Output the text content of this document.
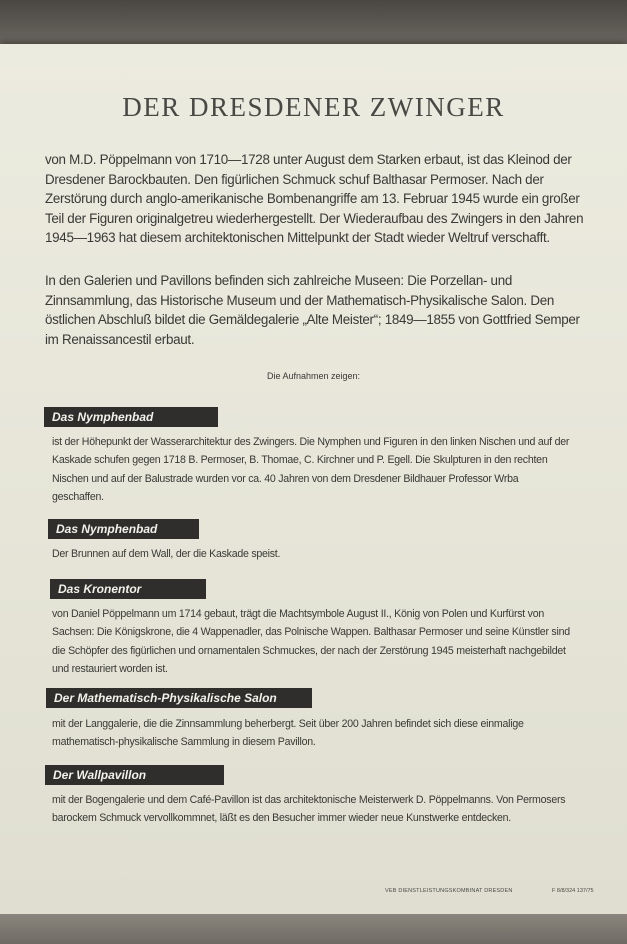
DER DRESDENER ZWINGER

von M.D. Pöppelmann von 1710—1728 unter August dem Starken erbaut, ist das Kleinod der Dresdener Barockbauten. Den figürlichen Schmuck schuf Balthasar Permoser. Nach der Zerstörung durch anglo-amerikanische Bombenangriffe am 13. Februar 1945 wurde ein großer Teil der Figuren originalgetreu wiederhergestellt. Der Wiederaufbau des Zwingers in den Jahren 1945—1963 hat diesem architektonischen Mittelpunkt der Stadt wieder Weltruf verschafft.

In den Galerien und Pavillons befinden sich zahlreiche Museen: Die Porzellan- und Zinnsammlung, das Historische Museum und der Mathematisch-Physikalische Salon. Den östlichen Abschluß bildet die Gemäldegalerie „Alte Meister“; 1849—1855 von Gottfried Semper im Renaissancestil erbaut.

Die Aufnahmen zeigen:

Das Nymphenbad

ist der Höhepunkt der Wasserarchitektur des Zwingers. Die Nymphen und Figuren in den linken Nischen und auf der Kaskade schufen gegen 1718 B. Permoser, B. Thomae, C. Kirchner und P. Egell. Die Skulpturen in den rechten Nischen und auf der Balustrade wurden vor ca. 40 Jahren von dem Dresdener Bildhauer Professor Wrba geschaffen.

Das Nymphenbad

Der Brunnen auf dem Wall, der die Kaskade speist.

Das Kronentor

von Daniel Pöppelmann um 1714 gebaut, trägt die Machtsymbole August II., König von Polen und Kurfürst von Sachsen: Die Königskrone, die 4 Wappenadler, das Polnische Wappen. Balthasar Permoser und seine Künstler sind die Schöpfer des figürlichen und ornamentalen Schmuckes, der nach der Zerstörung 1945 meisterhaft nachgebildet und restauriert worden ist.

Der Mathematisch-Physikalische Salon

mit der Langgalerie, die die Zinnsammlung beherbergt. Seit über 200 Jahren befindet sich diese einmalige mathematisch-physikalische Sammlung in diesem Pavillon.

Der Wallpavillon

mit der Bogengalerie und dem Café-Pavillon ist das architektonische Meisterwerk D. Pöppelmanns. Von Permosers barockem Schmuck vervollkommnet, läßt es den Besucher immer wieder neue Kunstwerke entdecken.

VEB DIENSTLEISTUNGSKOMBINAT DRESDEN	F 8/8/324 137/75
